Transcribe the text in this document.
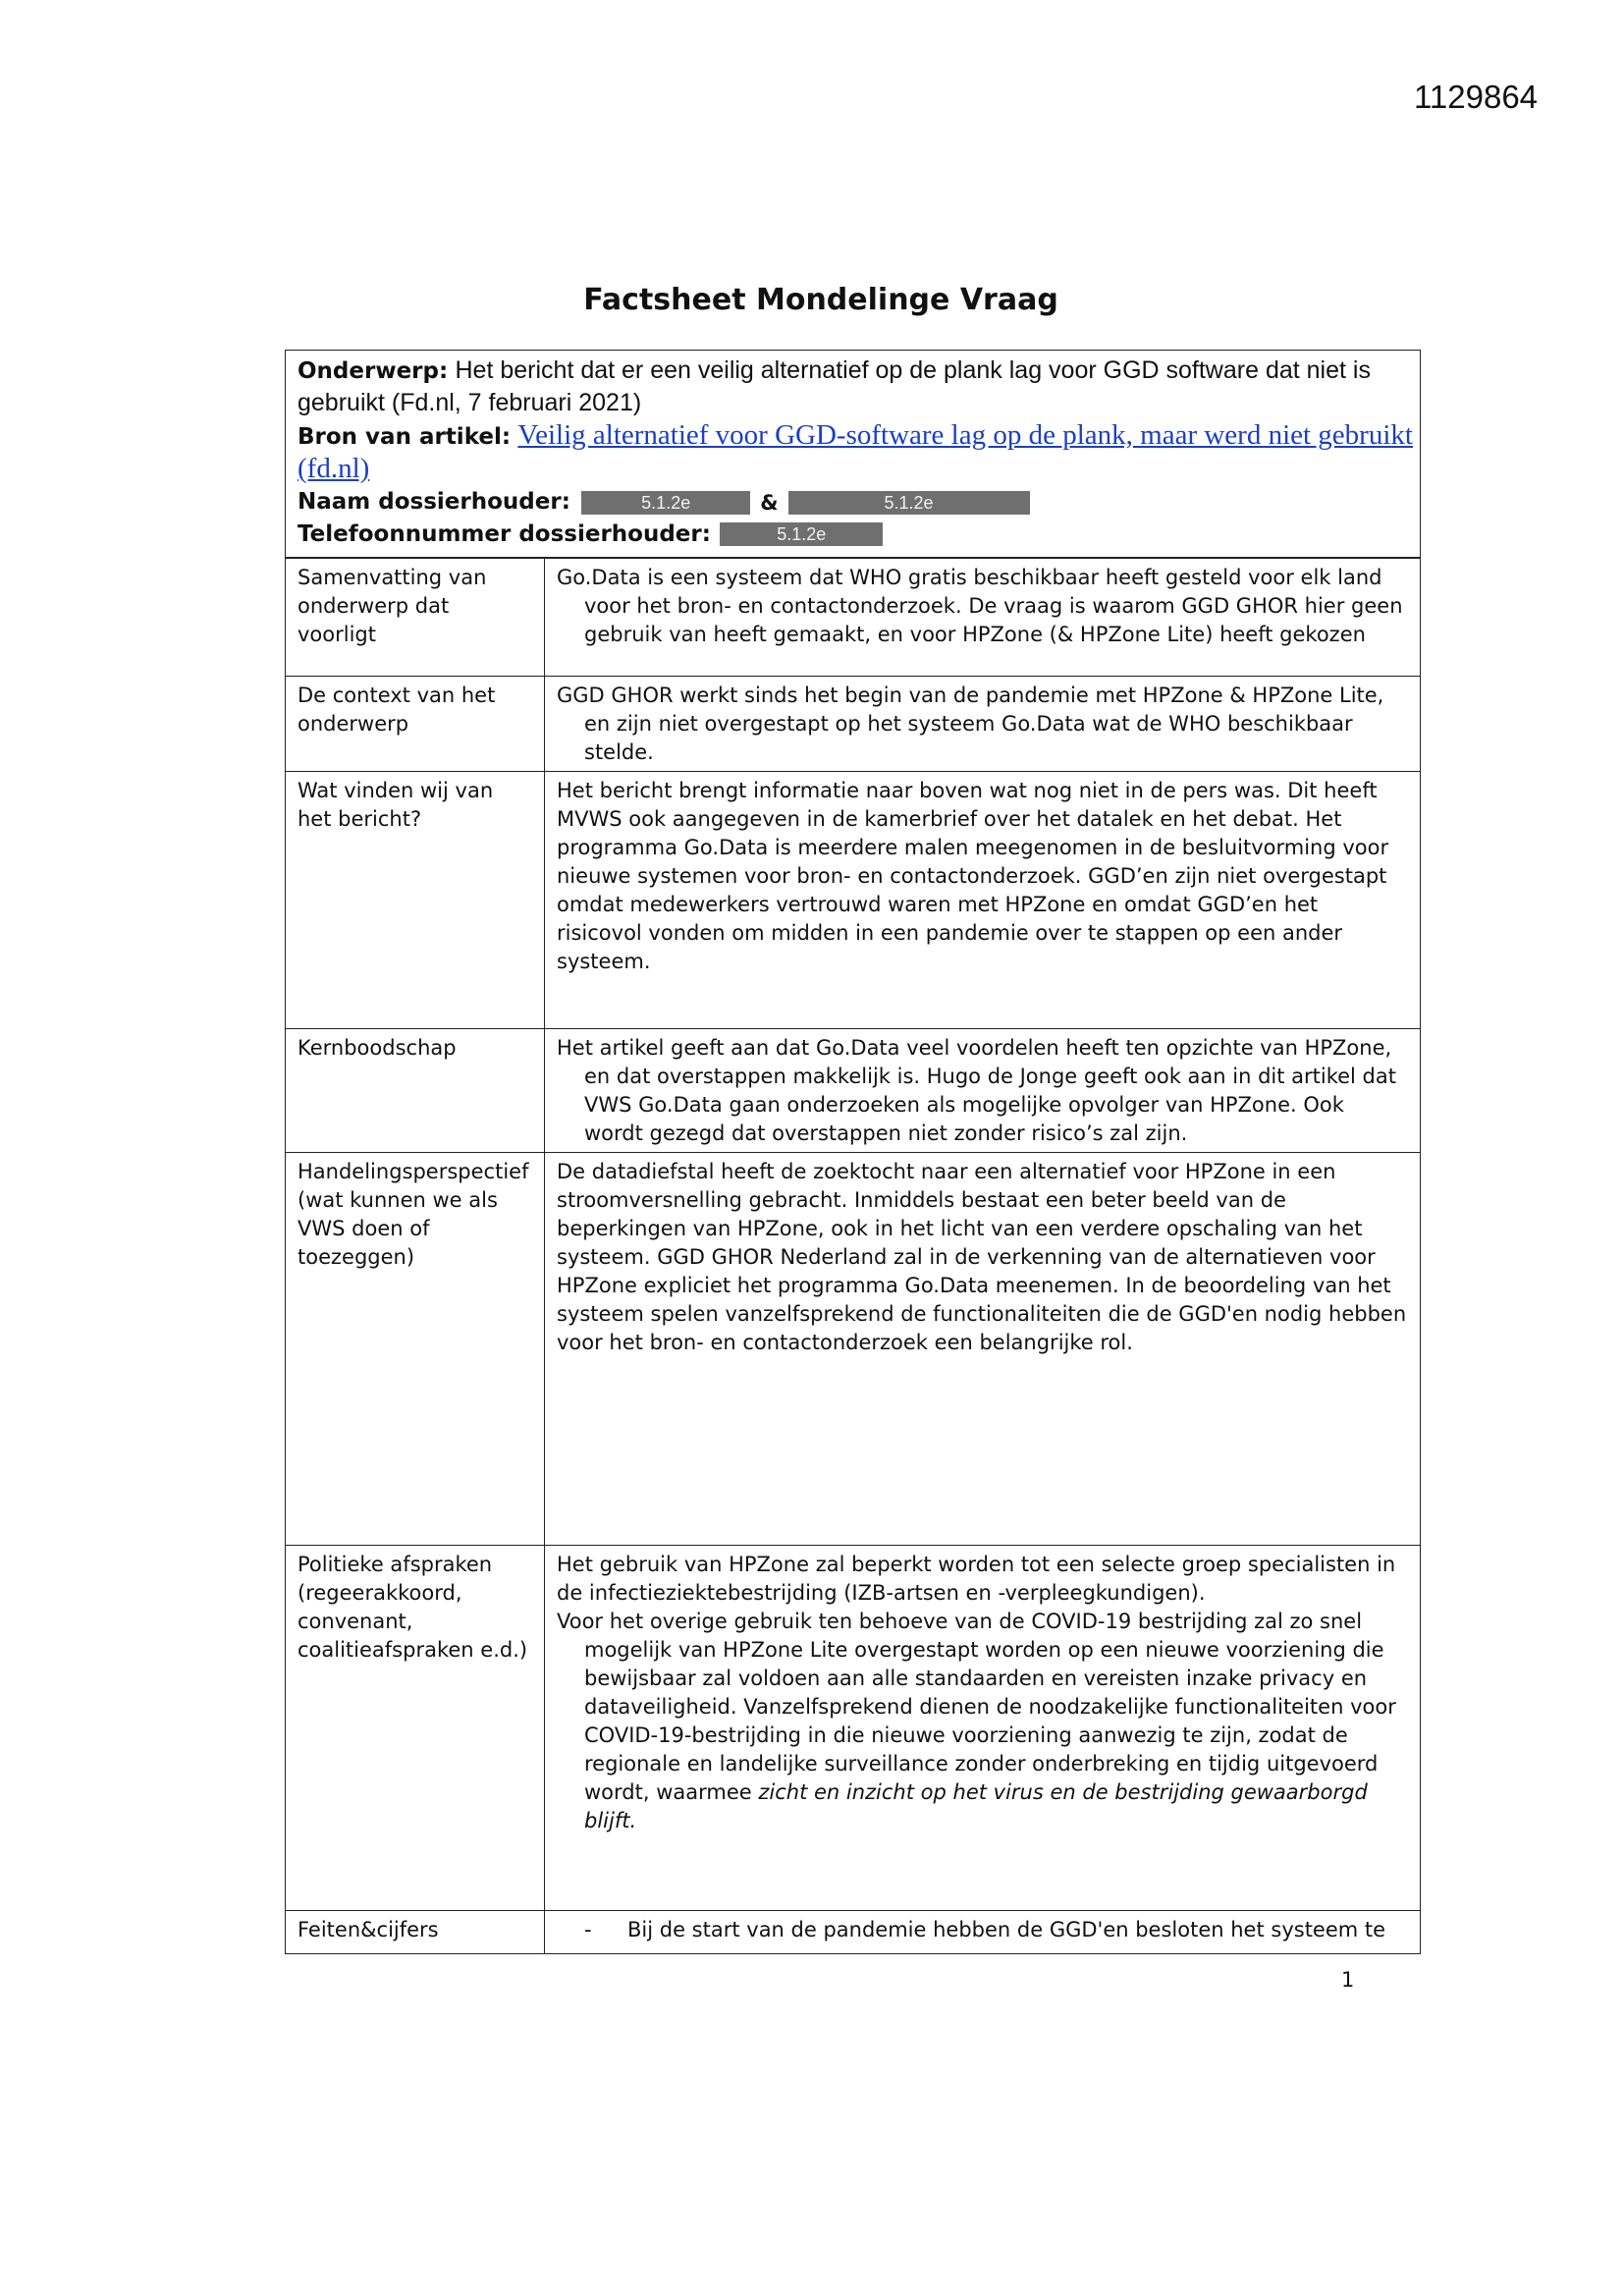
1129864
Factsheet Mondelinge Vraag
Onderwerp: Het bericht dat er een veilig alternatief op de plank lag voor GGD software dat niet is gebruikt (Fd.nl, 7 februari 2021)
Bron van artikel: Veilig alternatief voor GGD-software lag op de plank, maar werd niet gebruikt
(fd.nl)
Naam dossierhouder:	5.1.2e	&	5.1.2e
Telefoonnummer dossierhouder:	5.1.2e
Samenvatting van onderwerp dat voorligt	Go.Data is een systeem dat WHO gratis beschikbaar heeft gesteld voor elk land voor het bron- en contactonderzoek. De vraag is waarom GGD GHOR hier geen gebruik van heeft gemaakt, en voor HPZone (& HPZone Lite) heeft gekozen

De context van het onderwerp	GGD GHOR werkt sinds het begin van de pandemie met HPZone & HPZone Lite, en zijn niet overgestapt op het systeem Go.Data wat de WHO beschikbaar stelde.

Wat vinden wij van het bericht?	Het bericht brengt informatie naar boven wat nog niet in de pers was. Dit heeft MVWS ook aangegeven in de kamerbrief over het datalek en het debat. Het programma Go.Data is meerdere malen meegenomen in de besluitvorming voor nieuwe systemen voor bron- en contactonderzoek. GGD’en zijn niet overgestapt omdat medewerkers vertrouwd waren met HPZone en omdat GGD’en het risicovol vonden om midden in een pandemie over te stappen op een ander systeem.
Kernboodschap	Het artikel geeft aan dat Go.Data veel voordelen heeft ten opzichte van HPZone, en dat overstappen makkelijk is. Hugo de Jonge geeft ook aan in dit artikel dat VWS Go.Data gaan onderzoeken als mogelijke opvolger van HPZone. Ook wordt gezegd dat overstappen niet zonder risico’s zal zijn.

Handelingsperspectief (wat kunnen we als VWS doen of toezeggen)	De datadiefstal heeft de zoektocht naar een alternatief voor HPZone in een stroomversnelling gebracht. Inmiddels bestaat een beter beeld van de beperkingen van HPZone, ook in het licht van een verdere opschaling van het systeem. GGD GHOR Nederland zal in de verkenning van de alternatieven voor HPZone expliciet het programma Go.Data meenemen. In de beoordeling van het systeem spelen vanzelfsprekend de functionaliteiten die de GGD'en nodig hebben voor het bron- en contactonderzoek een belangrijke rol.
Politieke afspraken (regeerakkoord, convenant, coalitieafspraken e.d.)	Het gebruik van HPZone zal beperkt worden tot een selecte groep specialisten in de infectieziektebestrijding (IZB-artsen en -verpleegkundigen).
Voor het overige gebruik ten behoeve van de COVID-19 bestrijding zal zo snel mogelijk van HPZone Lite overgestapt worden op een nieuwe voorziening die bewijsbaar zal voldoen aan alle standaarden en vereisten inzake privacy en dataveiligheid. Vanzelfsprekend dienen de noodzakelijke functionaliteiten voor COVID-19-bestrijding in die nieuwe voorziening aanwezig te zijn, zodat de regionale en landelijke surveillance zonder onderbreking en tijdig uitgevoerd wordt, waarmee zicht en inzicht op het virus en de bestrijding gewaarborgd blijft.

Feiten&cijfers	- Bij de start van de pandemie hebben de GGD'en besloten het systeem te
1
